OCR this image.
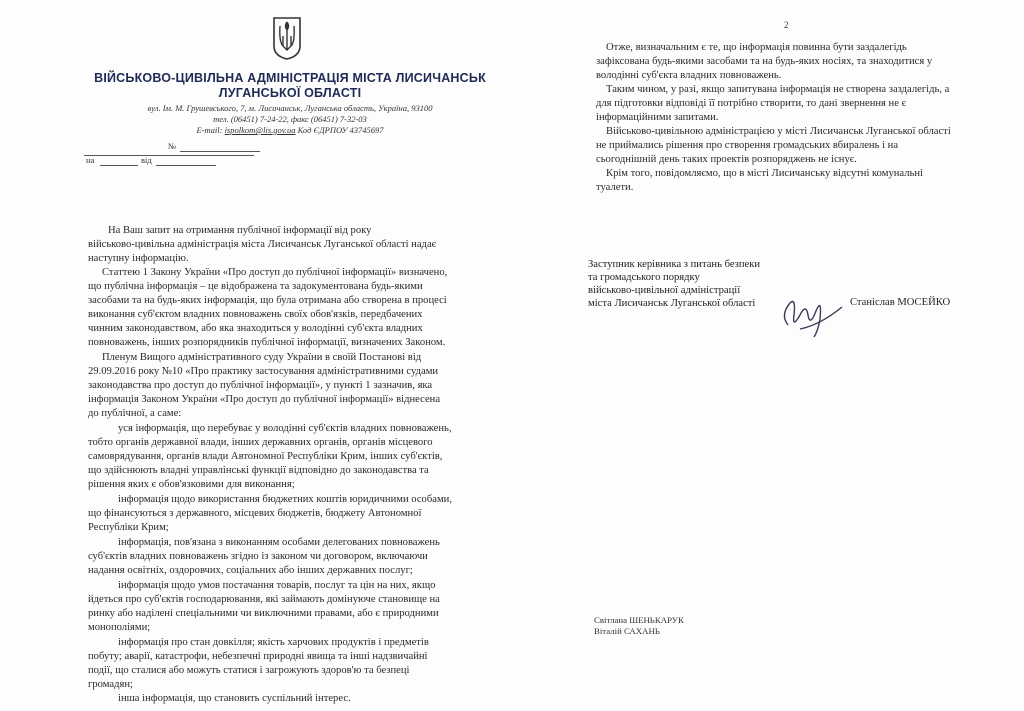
ВІЙСЬКОВО-ЦИВІЛЬНА АДМІНІСТРАЦІЯ МІСТА ЛИСИЧАНСЬК
ЛУГАНСЬКОЇ ОБЛАСТІ
вул. Ім. М. Грушевського, 7, м. Лисичанськ, Луганська область, Україна, 93100
тел. (06451) 7-24-22, факс (06451) 7-32-03
E-mail: ispolkom@lis.gov.ua Код ЄДРПОУ 43745697
№
на	від
На Ваш запит на отримання публічної інформації від року
військово-цивільна адміністрація міста Лисичанськ Луганської області надає
наступну інформацію.
Статтею 1 Закону України «Про доступ до публічної інформації» визначено,
що публічна інформація – це відображена та задокументована будь-якими
засобами та на будь-яких інформація, що була отримана або створена в процесі
виконання суб'єктом владних повноважень своїх обов'язків, передбачених
чинним законодавством, або яка знаходиться у володінні суб'єкта владних
повноважень, інших розпорядників публічної інформації, визначених Законом.
Пленум Вищого адміністративного суду України в своїй Постанові від
29.09.2016 року №10 «Про практику застосування адміністративними судами
законодавства про доступ до публічної інформації», у пункті 1 зазначив, яка
інформація Законом України «Про доступ до публічної інформації» віднесена
до публічної, а саме:
уся інформація, що перебуває у володінні суб'єктів владних повноважень,
тобто органів державної влади, інших державних органів, органів місцевого
самоврядування, органів влади Автономної Республіки Крим, інших суб'єктів,
що здійснюють владні управлінські функції відповідно до законодавства та
рішення яких є обов'язковими для виконання;
інформація щодо використання бюджетних коштів юридичними особами,
що фінансуються з державного, місцевих бюджетів, бюджету Автономної
Республіки Крим;
інформація, пов'язана з виконанням особами делегованих повноважень
суб'єктів владних повноважень згідно із законом чи договором, включаючи
надання освітніх, оздоровчих, соціальних або інших державних послуг;
інформація щодо умов постачання товарів, послуг та цін на них, якщо
йдеться про суб'єктів господарювання, які займають домінуюче становище на
ринку або наділені спеціальними чи виключними правами, або є природними
монополіями;
інформація про стан довкілля; якість харчових продуктів і предметів
побуту; аварії, катастрофи, небезпечні природні явища та інші надзвичайні
події, що сталися або можуть статися і загрожують здоров'ю та безпеці
громадян;
інша інформація, що становить суспільний інтерес.
2
Отже, визначальним є те, що інформація повинна бути заздалегідь
зафіксована будь-якими засобами та на будь-яких носіях, та знаходитися у
володінні суб'єкта владних повноважень.
Таким чином, у разі, якщо запитувана інформація не створена заздалегідь, а
для підготовки відповіді її потрібно створити, то дані звернення не є
інформаційними запитами.
Військово-цивільною адміністрацією у місті Лисичанськ Луганської області
не приймались рішення про створення громадських вбиралень і на
сьогоднішній день таких проектів розпоряджень не існує.
Крім того, повідомляємо, що в місті Лисичанську відсутні комунальні
туалети.
Заступник керівника з питань безпеки
та громадського порядку
військово-цивільної адміністрації
міста Лисичанськ Луганської області	Станіслав МОСЕЙКО
Світлана ШЕНЬКАРУК
Віталій САХАНЬ
